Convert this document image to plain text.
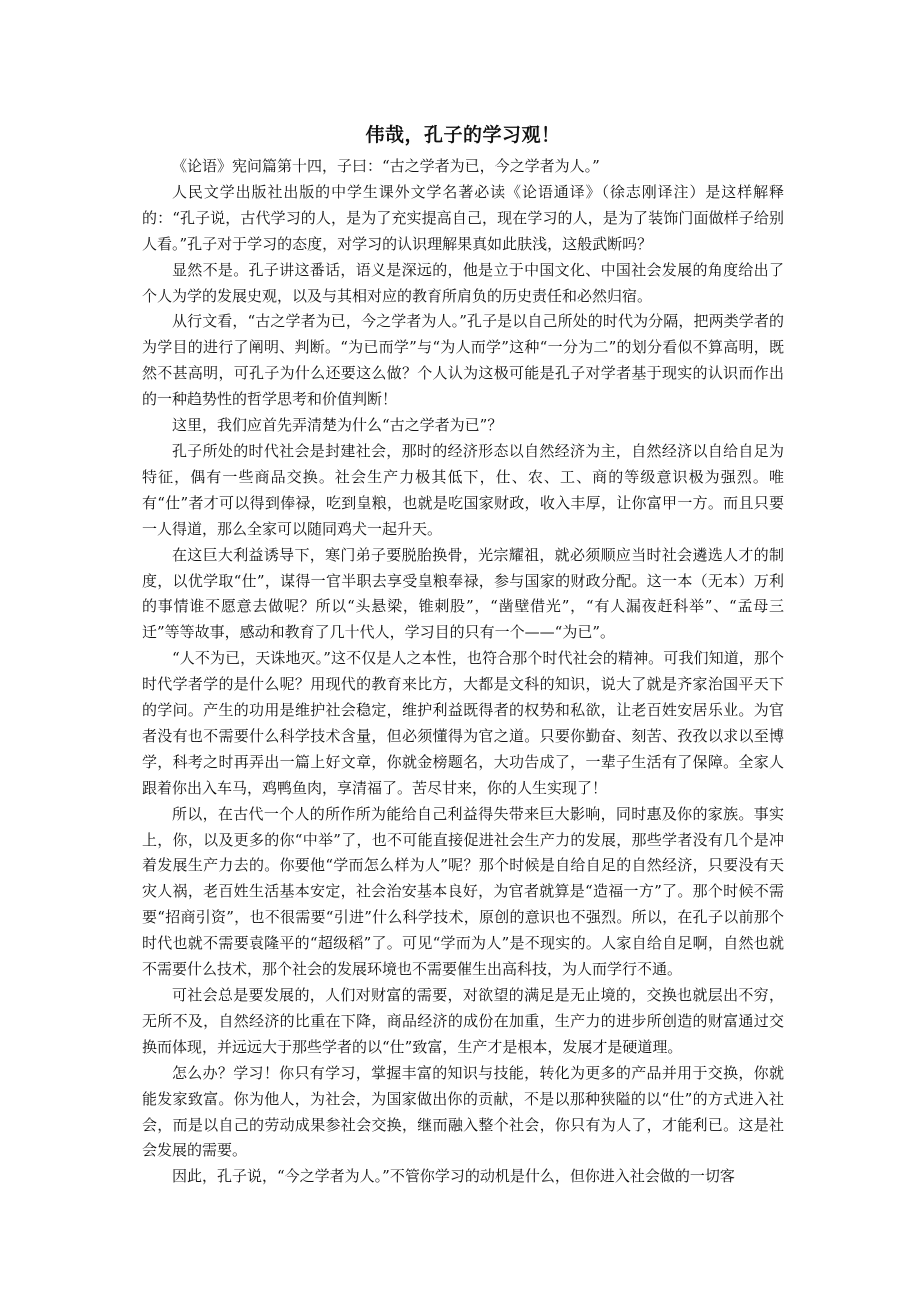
伟哉，孔子的学习观！

《论语》宪问篇第十四，子曰：“古之学者为已，今之学者为人。”

人民文学出版社出版的中学生课外文学名著必读《论语通译》（徐志刚译注）是这样解释的：“孔子说，古代学习的人，是为了充实提高自己，现在学习的人，是为了装饰门面做样子给别人看。”孔子对于学习的态度，对学习的认识理解果真如此肤浅，这般武断吗？

显然不是。孔子讲这番话，语义是深远的，他是立于中国文化、中国社会发展的角度给出了个人为学的发展史观，以及与其相对应的教育所肩负的历史责任和必然归宿。

从行文看，“古之学者为已，今之学者为人。”孔子是以自己所处的时代为分隔，把两类学者的为学目的进行了阐明、判断。“为已而学”与“为人而学”这种“一分为二”的划分看似不算高明，既然不甚高明，可孔子为什么还要这么做？个人认为这极可能是孔子对学者基于现实的认识而作出的一种趋势性的哲学思考和价值判断！

这里，我们应首先弄清楚为什么“古之学者为已”？

孔子所处的时代社会是封建社会，那时的经济形态以自然经济为主，自然经济以自给自足为特征，偶有一些商品交换。社会生产力极其低下，仕、农、工、商的等级意识极为强烈。唯有“仕”者才可以得到俸禄，吃到皇粮，也就是吃国家财政，收入丰厚，让你富甲一方。而且只要一人得道，那么全家可以随同鸡犬一起升天。

在这巨大利益诱导下，寒门弟子要脱胎换骨，光宗耀祖，就必须顺应当时社会遴选人才的制度，以优学取“仕”，谋得一官半职去享受皇粮奉禄，参与国家的财政分配。这一本（无本）万利的事情谁不愿意去做呢？所以“头悬梁，锥刺股”，“凿壁借光”，“有人漏夜赶科举”、“孟母三迁”等等故事，感动和教育了几十代人，学习目的只有一个——“为已”。

“人不为已，天诛地灭。”这不仅是人之本性，也符合那个时代社会的精神。可我们知道，那个时代学者学的是什么呢？用现代的教育来比方，大都是文科的知识，说大了就是齐家治国平天下的学问。产生的功用是维护社会稳定，维护利益既得者的权势和私欲，让老百姓安居乐业。为官者没有也不需要什么科学技术含量，但必须懂得为官之道。只要你勤奋、刻苦、孜孜以求以至博学，科考之时再弄出一篇上好文章，你就金榜题名，大功告成了，一辈子生活有了保障。全家人跟着你出入车马，鸡鸭鱼肉，享清福了。苦尽甘来，你的人生实现了！

所以，在古代一个人的所作所为能给自己利益得失带来巨大影响，同时惠及你的家族。事实上，你，以及更多的你“中举”了，也不可能直接促进社会生产力的发展，那些学者没有几个是冲着发展生产力去的。你要他“学而怎么样为人”呢？那个时候是自给自足的自然经济，只要没有天灾人祸，老百姓生活基本安定，社会治安基本良好，为官者就算是“造福一方”了。那个时候不需要“招商引资”，也不很需要“引进”什么科学技术，原创的意识也不强烈。所以，在孔子以前那个时代也就不需要袁隆平的“超级稻”了。可见“学而为人”是不现实的。人家自给自足啊，自然也就不需要什么技术，那个社会的发展环境也不需要催生出高科技，为人而学行不通。

可社会总是要发展的，人们对财富的需要，对欲望的满足是无止境的，交换也就层出不穷，无所不及，自然经济的比重在下降，商品经济的成份在加重，生产力的进步所创造的财富通过交换而体现，并远远大于那些学者的以“仕”致富，生产才是根本，发展才是硬道理。

怎么办？学习！你只有学习，掌握丰富的知识与技能，转化为更多的产品并用于交换，你就能发家致富。你为他人，为社会，为国家做出你的贡献，不是以那种狭隘的以“仕”的方式进入社会，而是以自己的劳动成果参社会交换，继而融入整个社会，你只有为人了，才能利已。这是社会发展的需要。

因此，孔子说，“今之学者为人。”不管你学习的动机是什么，但你进入社会做的一切客
